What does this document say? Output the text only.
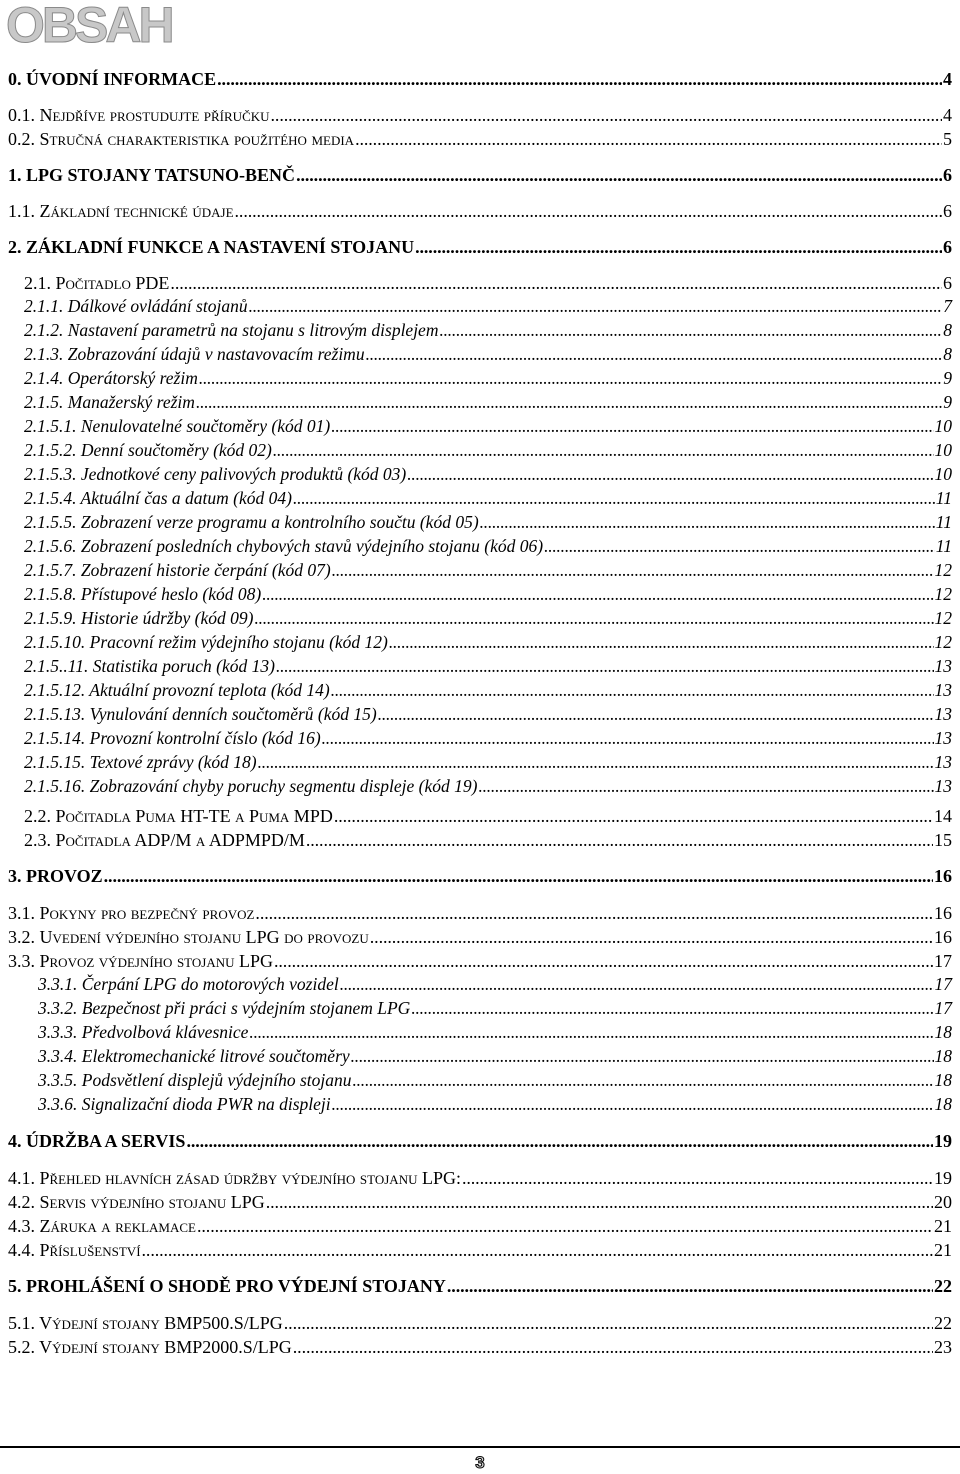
OBSAH
0. ÚVODNÍ INFORMACE . . .	4
0.1. Nejdříve prostudujte příručku . . .	4
0.2. Stručná charakteristika použitého media . . .	5
1. LPG STOJANY TATSUNO-BENČ . . .	6
1.1. Základní technické údaje . . .	6
2. ZÁKLADNÍ FUNKCE A NASTAVENÍ STOJANU . . .	6
2.1. Počitadlo PDE . . .	6
2.1.1. Dálkové ovládání stojanů . . .	7
2.1.2. Nastavení parametrů na stojanu s litrovým displejem . . .	8
2.1.3. Zobrazování údajů v nastavovacím režimu . . .	8
2.1.4. Operátorský režim . . .	9
2.1.5. Manažerský režim . . .	9
2.1.5.1. Nenulovatelné součtoměry (kód 01) . . .	10
2.1.5.2. Denní součtoměry (kód 02) . . .	10
2.1.5.3. Jednotkové ceny palivových produktů (kód 03) . . .	10
2.1.5.4. Aktuální čas a datum (kód 04) . . .	11
2.1.5.5. Zobrazení verze programu a kontrolního součtu (kód 05) . . .	11
2.1.5.6. Zobrazení posledních chybových stavů výdejního stojanu (kód 06) . . .	11
2.1.5.7. Zobrazení historie čerpání (kód 07) . . .	12
2.1.5.8. Přístupové heslo (kód 08) . . .	12
2.1.5.9. Historie údržby (kód 09) . . .	12
2.1.5.10. Pracovní režim výdejního stojanu (kód 12) . . .	12
2.1.5..11. Statistika poruch (kód 13) . . .	13
2.1.5.12. Aktuální provozní teplota (kód 14) . . .	13
2.1.5.13. Vynulování denních součtoměrů (kód 15) . . .	13
2.1.5.14. Provozní kontrolní číslo (kód 16) . . .	13
2.1.5.15. Textové zprávy (kód 18) . . .	13
2.1.5.16. Zobrazování chyby poruchy segmentu displeje (kód 19) . . .	13
2.2. Počitadla Puma HT-TE a Puma MPD . . .	14
2.3. Počitadla ADP/M a ADPMPD/M . . .	15
3. PROVOZ . . .	16
3.1. Pokyny pro bezpečný provoz . . .	16
3.2. Uvedení výdejního stojanu LPG do provozu . . .	16
3.3. Provoz výdejního stojanu LPG . . .	17
3.3.1. Čerpání LPG do motorových vozidel . . .	17
3.3.2. Bezpečnost při práci s výdejním stojanem LPG . . .	17
3.3.3. Předvolbová klávesnice . . .	18
3.3.4. Elektromechanické litrové součtoměry . . .	18
3.3.5. Podsvětlení displejů výdejního stojanu . . .	18
3.3.6. Signalizační dioda PWR na displeji . . .	18
4. ÚDRŽBA A SERVIS . . .	19
4.1. Přehled hlavních zásad údržby výdejního stojanu LPG: . . .	19
4.2. Servis výdejního stojanu LPG . . .	20
4.3. Záruka a reklamace . . .	21
4.4. Příslušenství . . .	21
5. PROHLÁŠENÍ O SHODĚ PRO VÝDEJNÍ STOJANY . . .	22
5.1. Výdejní stojany BMP500.S/LPG . . .	22
5.2. Výdejní stojany BMP2000.S/LPG . . .	23
3
